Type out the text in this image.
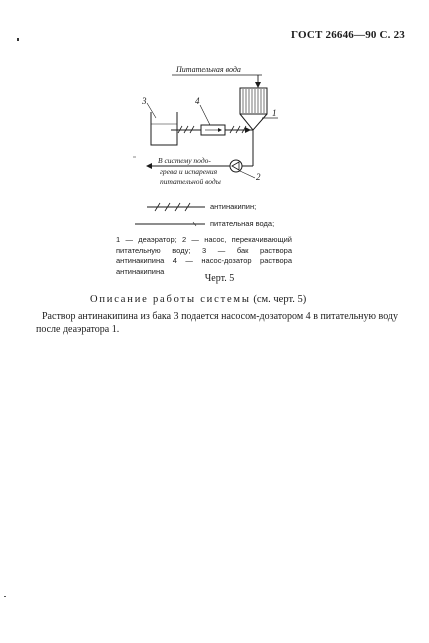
ГОСТ 26646—90 С. 23
Питательная вода
1
2
В систему подо-
грева и испарения
питательной воды
3	4
антинакипин;
питательная вода;
1 — деаэратор; 2 — насос, перекачивающий питательную воду; 3 — бак раствора антинакипина 4 — насос-дозатор раствора антинакипина
Черт. 5
Описание работы системы (см. черт. 5)
Раствор антинакипина из бака 3 подается насосом-дозатором 4 в питательную воду после деаэратора 1.
